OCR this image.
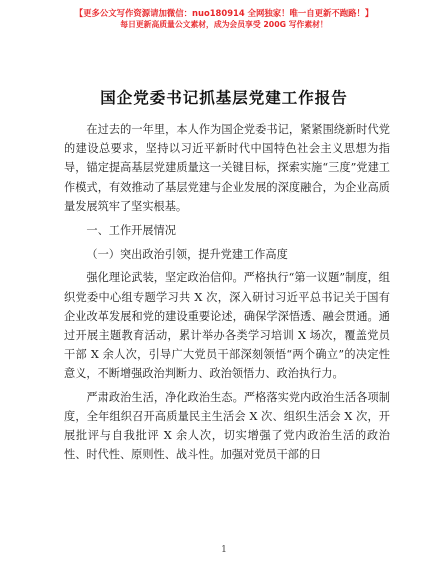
【更多公文写作资源请加微信：nuo180914 全网独家！唯一自更新不跑路！】
每日更新高质量公文素材，成为会员享受 200G 写作素材！
国企党委书记抓基层党建工作报告

在过去的一年里，本人作为国企党委书记，紧紧围绕新时代党的建设总要求，坚持以习近平新时代中国特色社会主义思想为指导，锚定提高基层党建质量这一关键目标，探索实施“三度”党建工作模式，有效推动了基层党建与企业发展的深度融合，为企业高质量发展筑牢了坚实根基。

一、工作开展情况

（一）突出政治引领，提升党建工作高度

强化理论武装，坚定政治信仰。严格执行“第一议题”制度，组织党委中心组专题学习共 X 次，深入研讨习近平总书记关于国有企业改革发展和党的建设重要论述，确保学深悟透、融会贯通。通过开展主题教育活动，累计举办各类学习培训 X 场次，覆盖党员干部 X 余人次，引导广大党员干部深刻领悟“两个确立”的决定性意义，不断增强政治判断力、政治领悟力、政治执行力。

严肃政治生活，净化政治生态。严格落实党内政治生活各项制度，全年组织召开高质量民主生活会 X 次、组织生活会 X 次，开展批评与自我批评 X 余人次，切实增强了党内政治生活的政治性、时代性、原则性、战斗性。加强对党员干部的日

1
